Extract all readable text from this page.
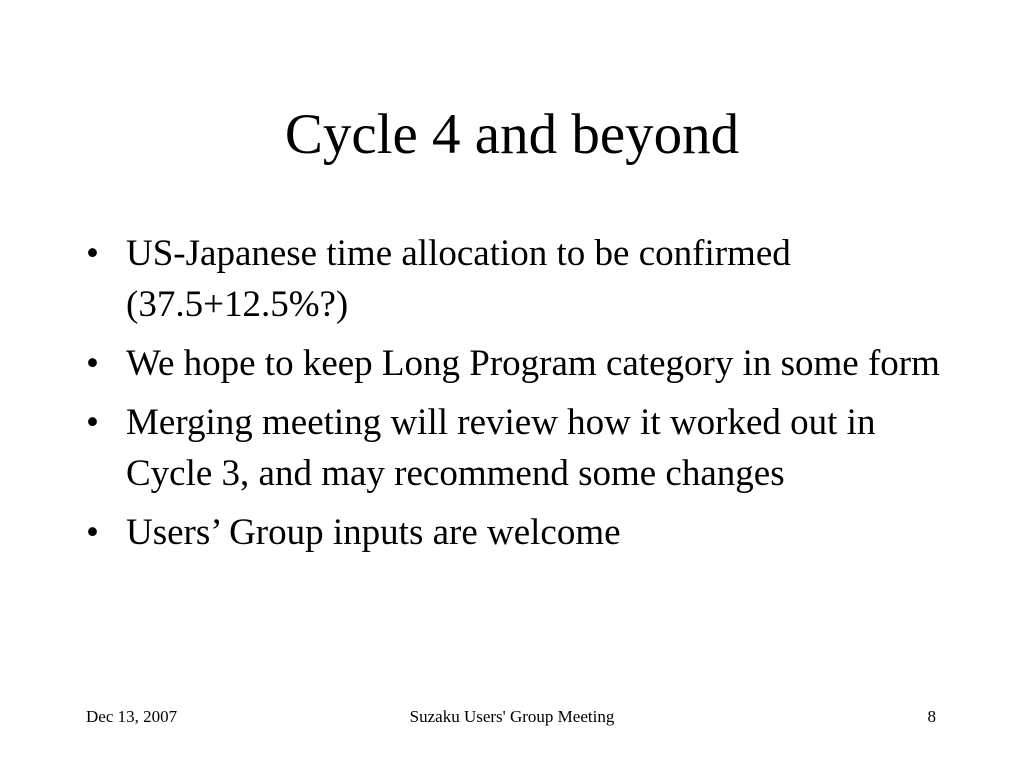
Cycle 4 and beyond
• US-Japanese time allocation to be confirmed (37.5+12.5%?)
• We hope to keep Long Program category in some form
• Merging meeting will review how it worked out in Cycle 3, and may recommend some changes
• Users’ Group inputs are welcome
Dec 13, 2007	Suzaku Users' Group Meeting	8
